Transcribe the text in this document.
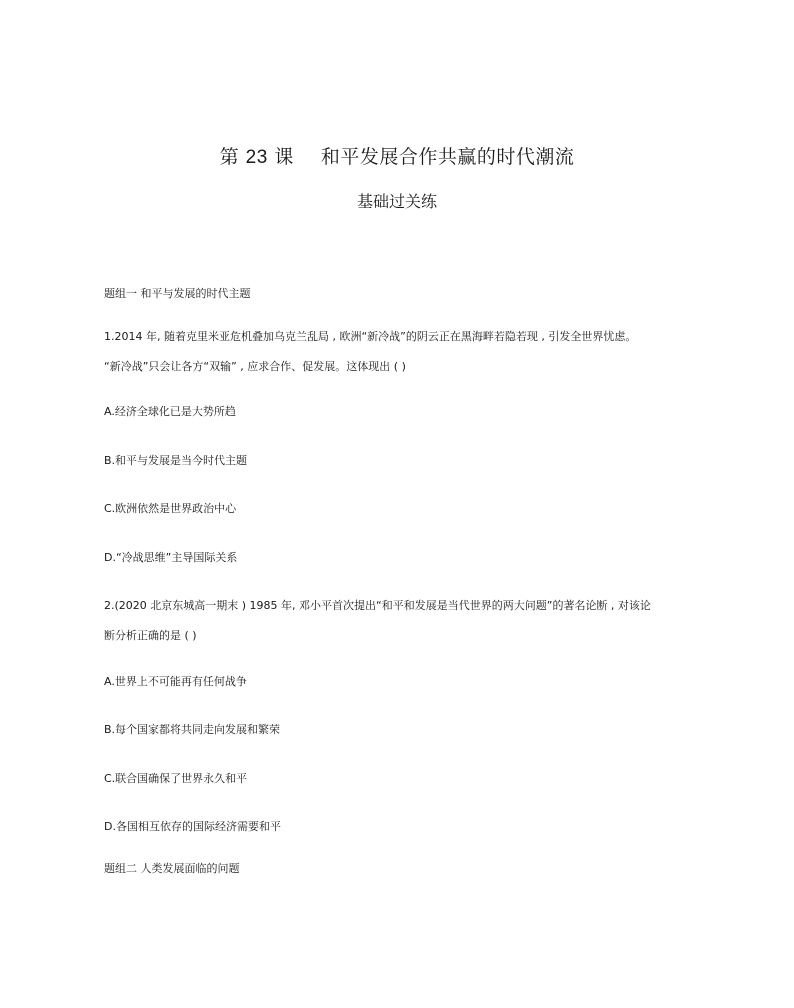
第 23 课 和平发展合作共赢的时代潮流
基础过关练
题组一 和平与发展的时代主题
1.2014 年, 随着克里米亚危机叠加乌克兰乱局 , 欧洲“新冷战”的阴云正在黑海畔若隐若现 , 引发全世界忧虑。
“新冷战”只会让各方“双输” , 应求合作、促发展。这体现出 ( )
A.经济全球化已是大势所趋
B.和平与发展是当今时代主题
C.欧洲依然是世界政治中心
D.“冷战思维”主导国际关系
2.(2020 北京东城高一期末 ) 1985 年, 邓小平首次提出“和平和发展是当代世界的两大问题”的著名论断 , 对该论
断分析正确的是 ( )
A.世界上不可能再有任何战争
B.每个国家都将共同走向发展和繁荣
C.联合国确保了世界永久和平
D.各国相互依存的国际经济需要和平
题组二 人类发展面临的问题
